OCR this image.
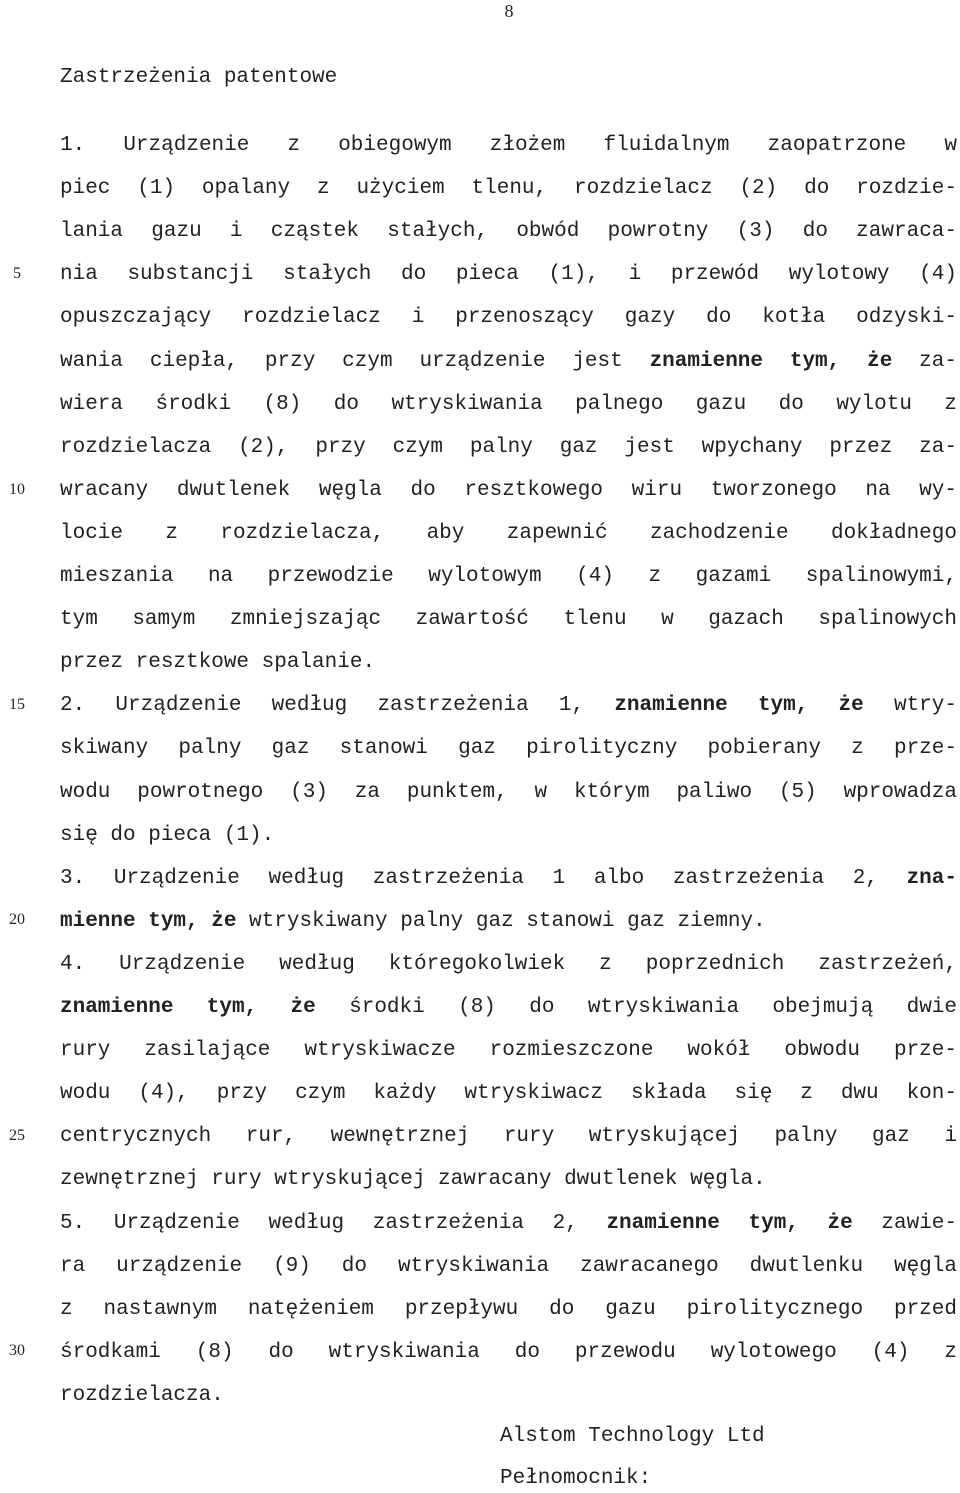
8
5
10
15
20
25
30
Zastrzeżenia patentowe
1. Urządzenie z obiegowym złożem fluidalnym zaopatrzone w
piec (1) opalany z użyciem tlenu, rozdzielacz (2) do rozdzie-
lania gazu i cząstek stałych, obwód powrotny (3) do zawraca-
nia substancji stałych do pieca (1), i przewód wylotowy (4)
opuszczający rozdzielacz i przenoszący gazy do kotła odzyski-
wania ciepła, przy czym urządzenie jest znamienne tym, że za-
wiera środki (8) do wtryskiwania palnego gazu do wylotu z
rozdzielacza (2), przy czym palny gaz jest wpychany przez za-
wracany dwutlenek węgla do resztkowego wiru tworzonego na wy-
locie z rozdzielacza, aby zapewnić zachodzenie dokładnego
mieszania na przewodzie wylotowym (4) z gazami spalinowymi,
tym samym zmniejszając zawartość tlenu w gazach spalinowych
przez resztkowe spalanie.
2. Urządzenie według zastrzeżenia 1, znamienne tym, że wtry-
skiwany palny gaz stanowi gaz pirolityczny pobierany z prze-
wodu powrotnego (3) za punktem, w którym paliwo (5) wprowadza
się do pieca (1).
3. Urządzenie według zastrzeżenia 1 albo zastrzeżenia 2, zna-
mienne tym, że wtryskiwany palny gaz stanowi gaz ziemny.
4. Urządzenie według któregokolwiek z poprzednich zastrzeżeń,
znamienne tym, że środki (8) do wtryskiwania obejmują dwie
rury zasilające wtryskiwacze rozmieszczone wokół obwodu prze-
wodu (4), przy czym każdy wtryskiwacz składa się z dwu kon-
centrycznych rur, wewnętrznej rury wtryskującej palny gaz i
zewnętrznej rury wtryskującej zawracany dwutlenek węgla.
5. Urządzenie według zastrzeżenia 2, znamienne tym, że zawie-
ra urządzenie (9) do wtryskiwania zawracanego dwutlenku węgla
z nastawnym natężeniem przepływu do gazu pirolitycznego przed
środkami (8) do wtryskiwania do przewodu wylotowego (4) z
rozdzielacza.
Alstom Technology Ltd
Pełnomocnik:
